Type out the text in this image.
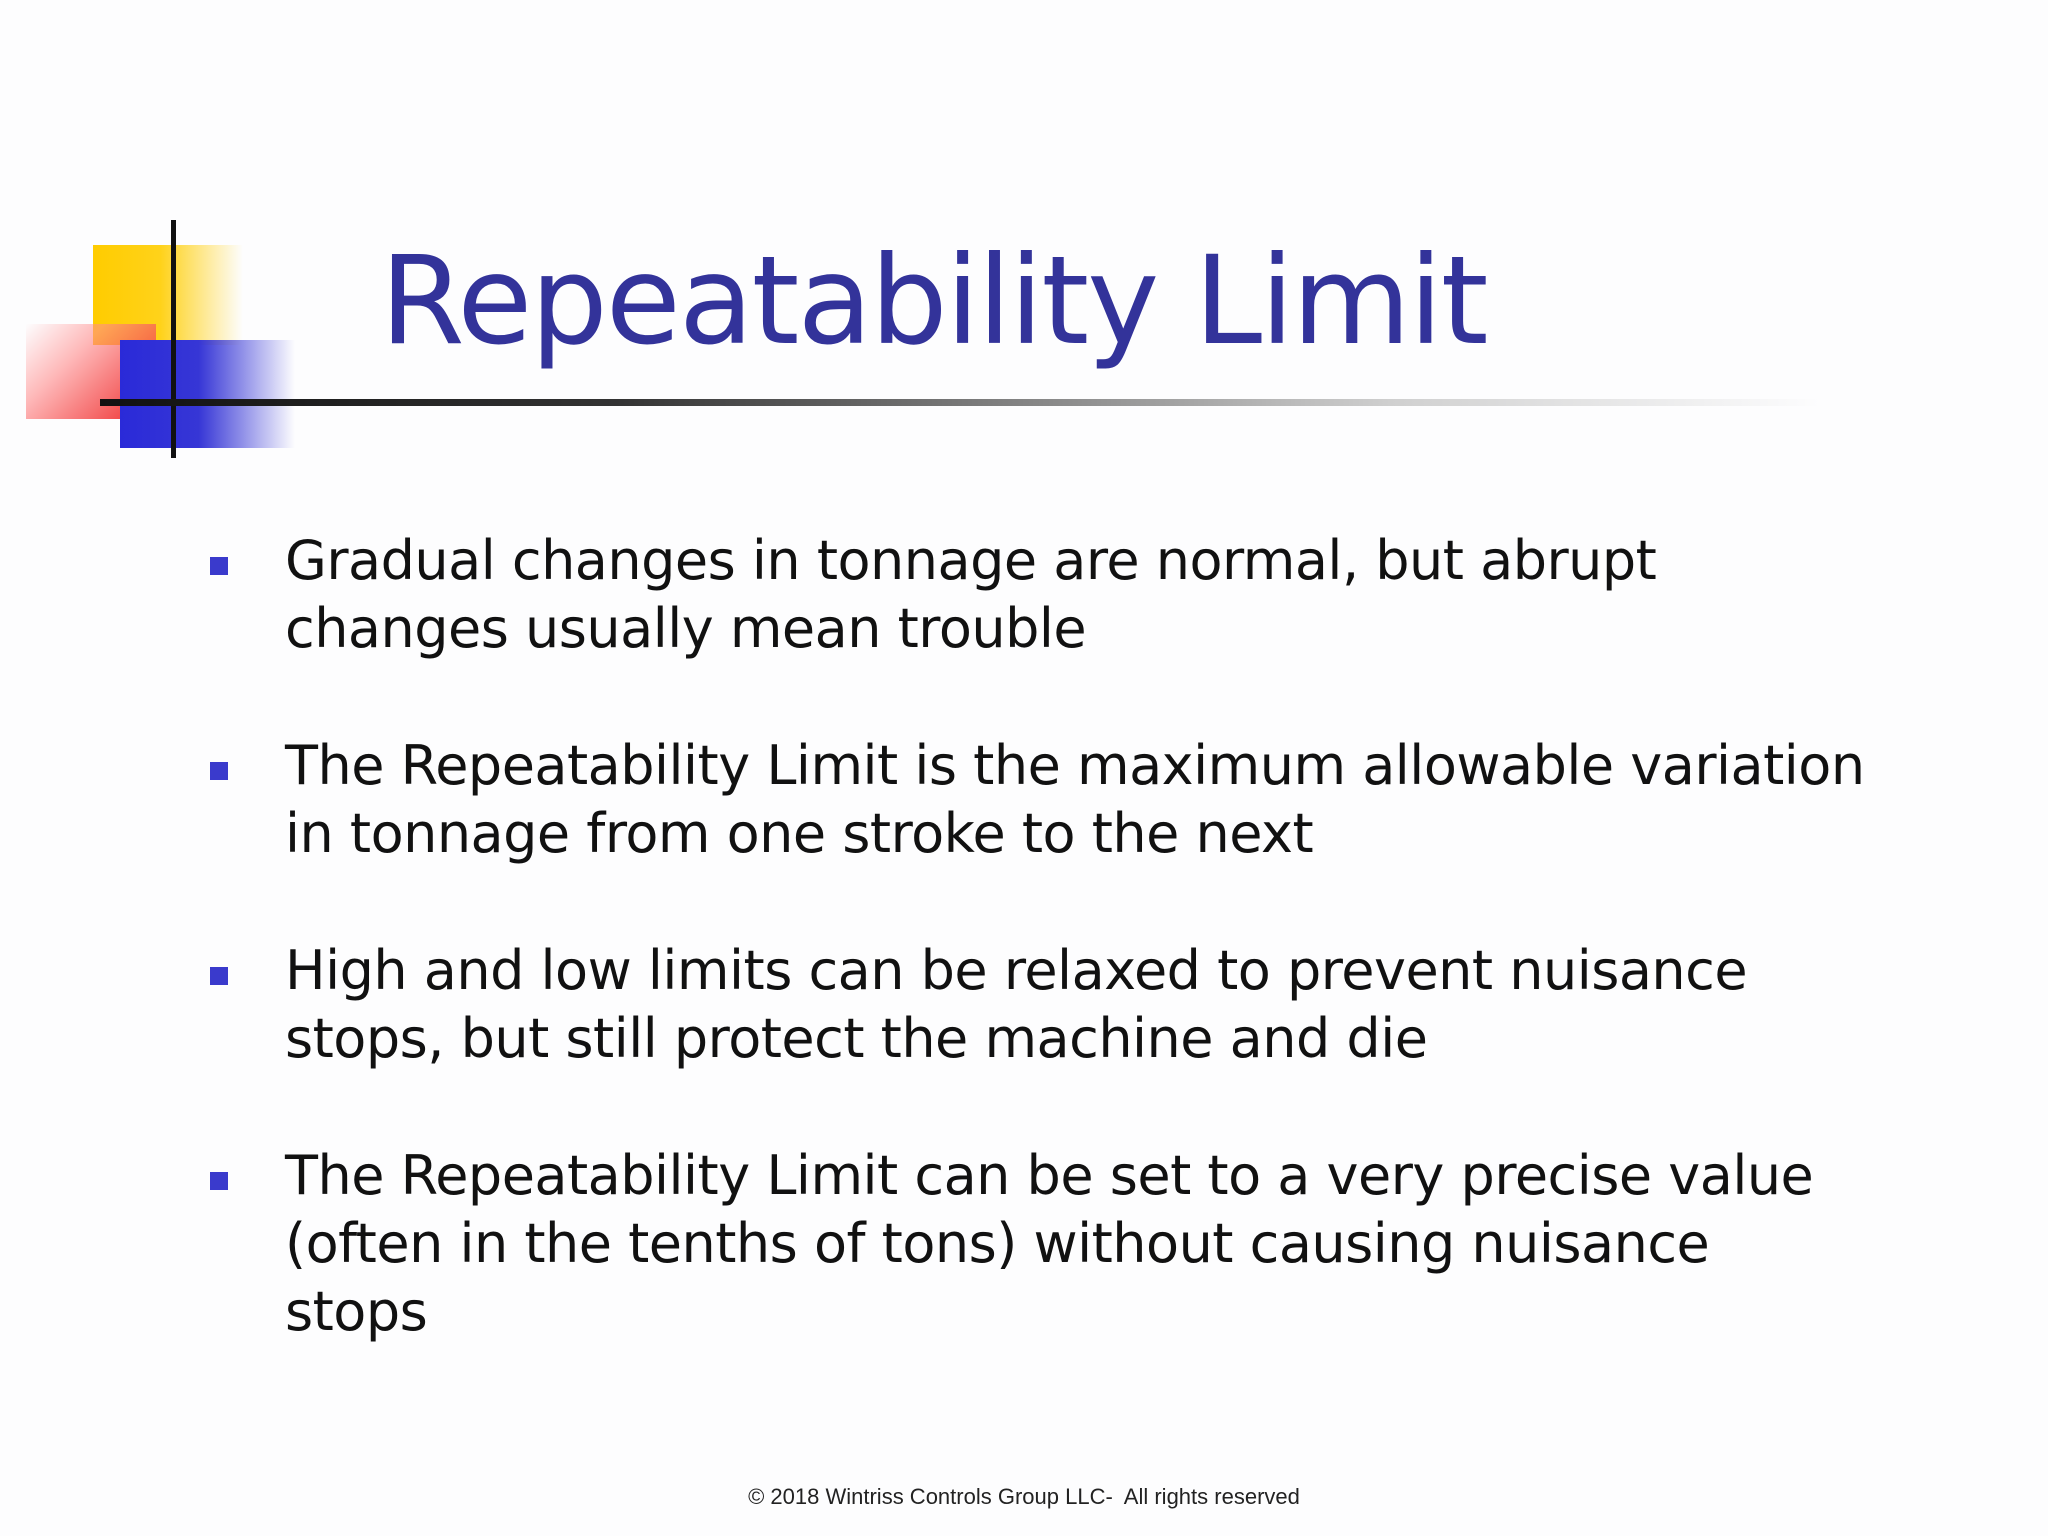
Repeatability Limit
Gradual changes in tonnage are normal, but abrupt changes usually mean trouble
The Repeatability Limit is the maximum allowable variation in tonnage from one stroke to the next
High and low limits can be relaxed to prevent nuisance stops, but still protect the machine and die
The Repeatability Limit can be set to a very precise value (often in the tenths of tons) without causing nuisance stops
© 2018 Wintriss Controls Group LLC-  All rights reserved
